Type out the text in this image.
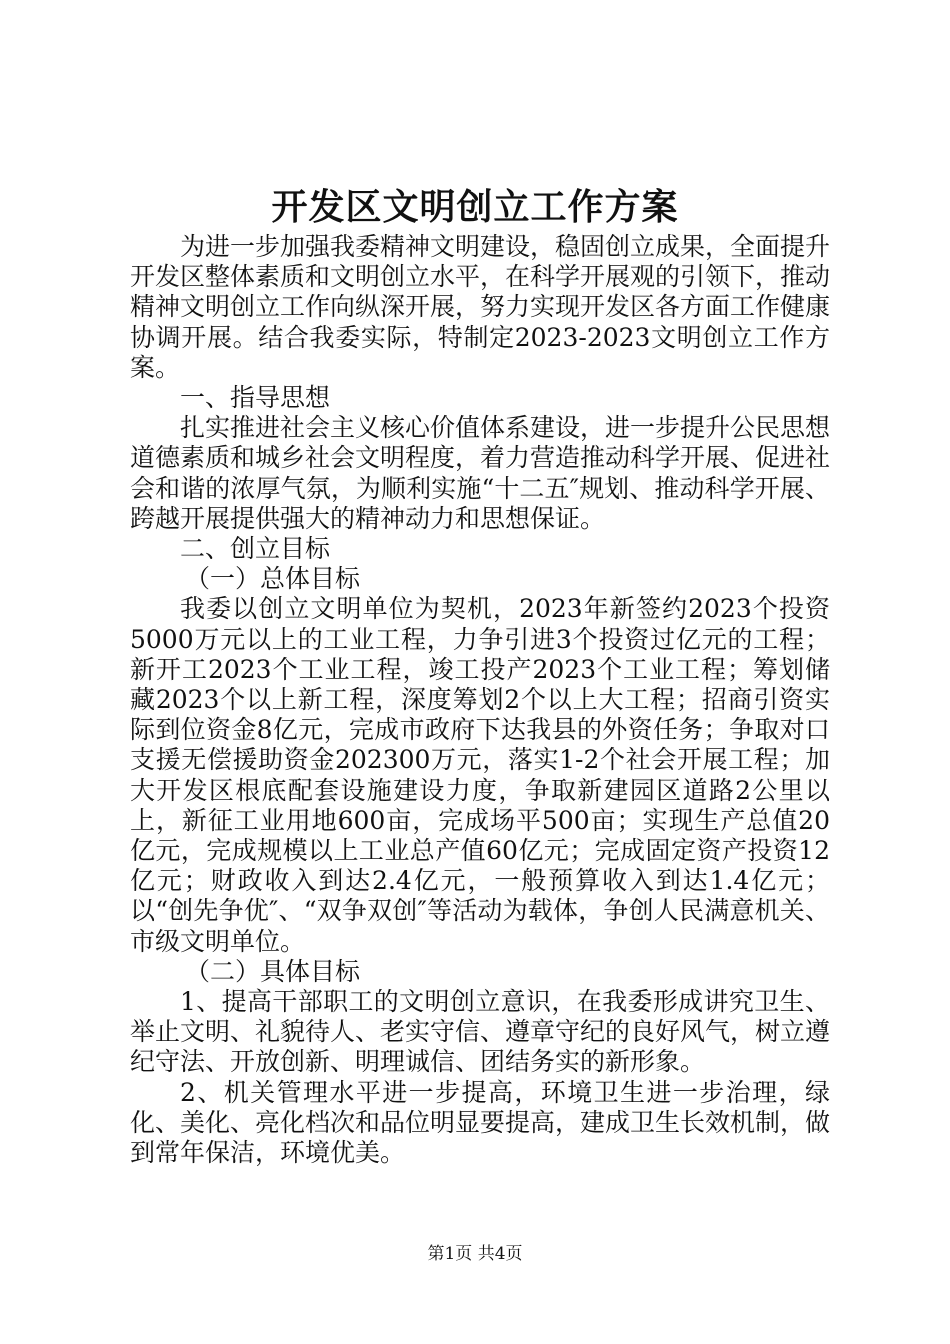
开发区文明创立工作方案

为进一步加强我委精神文明建设，稳固创立成果，全面提升开发区整体素质和文明创立水平，在科学开展观的引领下，推动精神文明创立工作向纵深开展，努力实现开发区各方面工作健康协调开展。结合我委实际，特制定2023-2023文明创立工作方案。

一、指导思想

扎实推进社会主义核心价值体系建设，进一步提升公民思想道德素质和城乡社会文明程度，着力营造推动科学开展、促进社会和谐的浓厚气氛，为顺利实施“十二五″规划、推动科学开展、跨越开展提供强大的精神动力和思想保证。

二、创立目标

（一）总体目标

我委以创立文明单位为契机，2023年新签约2023个投资5000万元以上的工业工程，力争引进3个投资过亿元的工程；新开工2023个工业工程，竣工投产2023个工业工程；筹划储藏2023个以上新工程，深度筹划2个以上大工程；招商引资实际到位资金8亿元，完成市政府下达我县的外资任务；争取对口支援无偿援助资金202300万元，落实1-2个社会开展工程；加大开发区根底配套设施建设力度，争取新建园区道路2公里以上，新征工业用地600亩，完成场平500亩；实现生产总值20亿元，完成规模以上工业总产值60亿元；完成固定资产投资12亿元；财政收入到达2.4亿元，一般预算收入到达1.4亿元；以“创先争优″、“双争双创″等活动为载体，争创人民满意机关、市级文明单位。

（二）具体目标

1、提高干部职工的文明创立意识，在我委形成讲究卫生、举止文明、礼貌待人、老实守信、遵章守纪的良好风气，树立遵纪守法、开放创新、明理诚信、团结务实的新形象。

2、机关管理水平进一步提高，环境卫生进一步治理，绿化、美化、亮化档次和品位明显要提高，建成卫生长效机制，做到常年保洁，环境优美。

第1页 共4页
